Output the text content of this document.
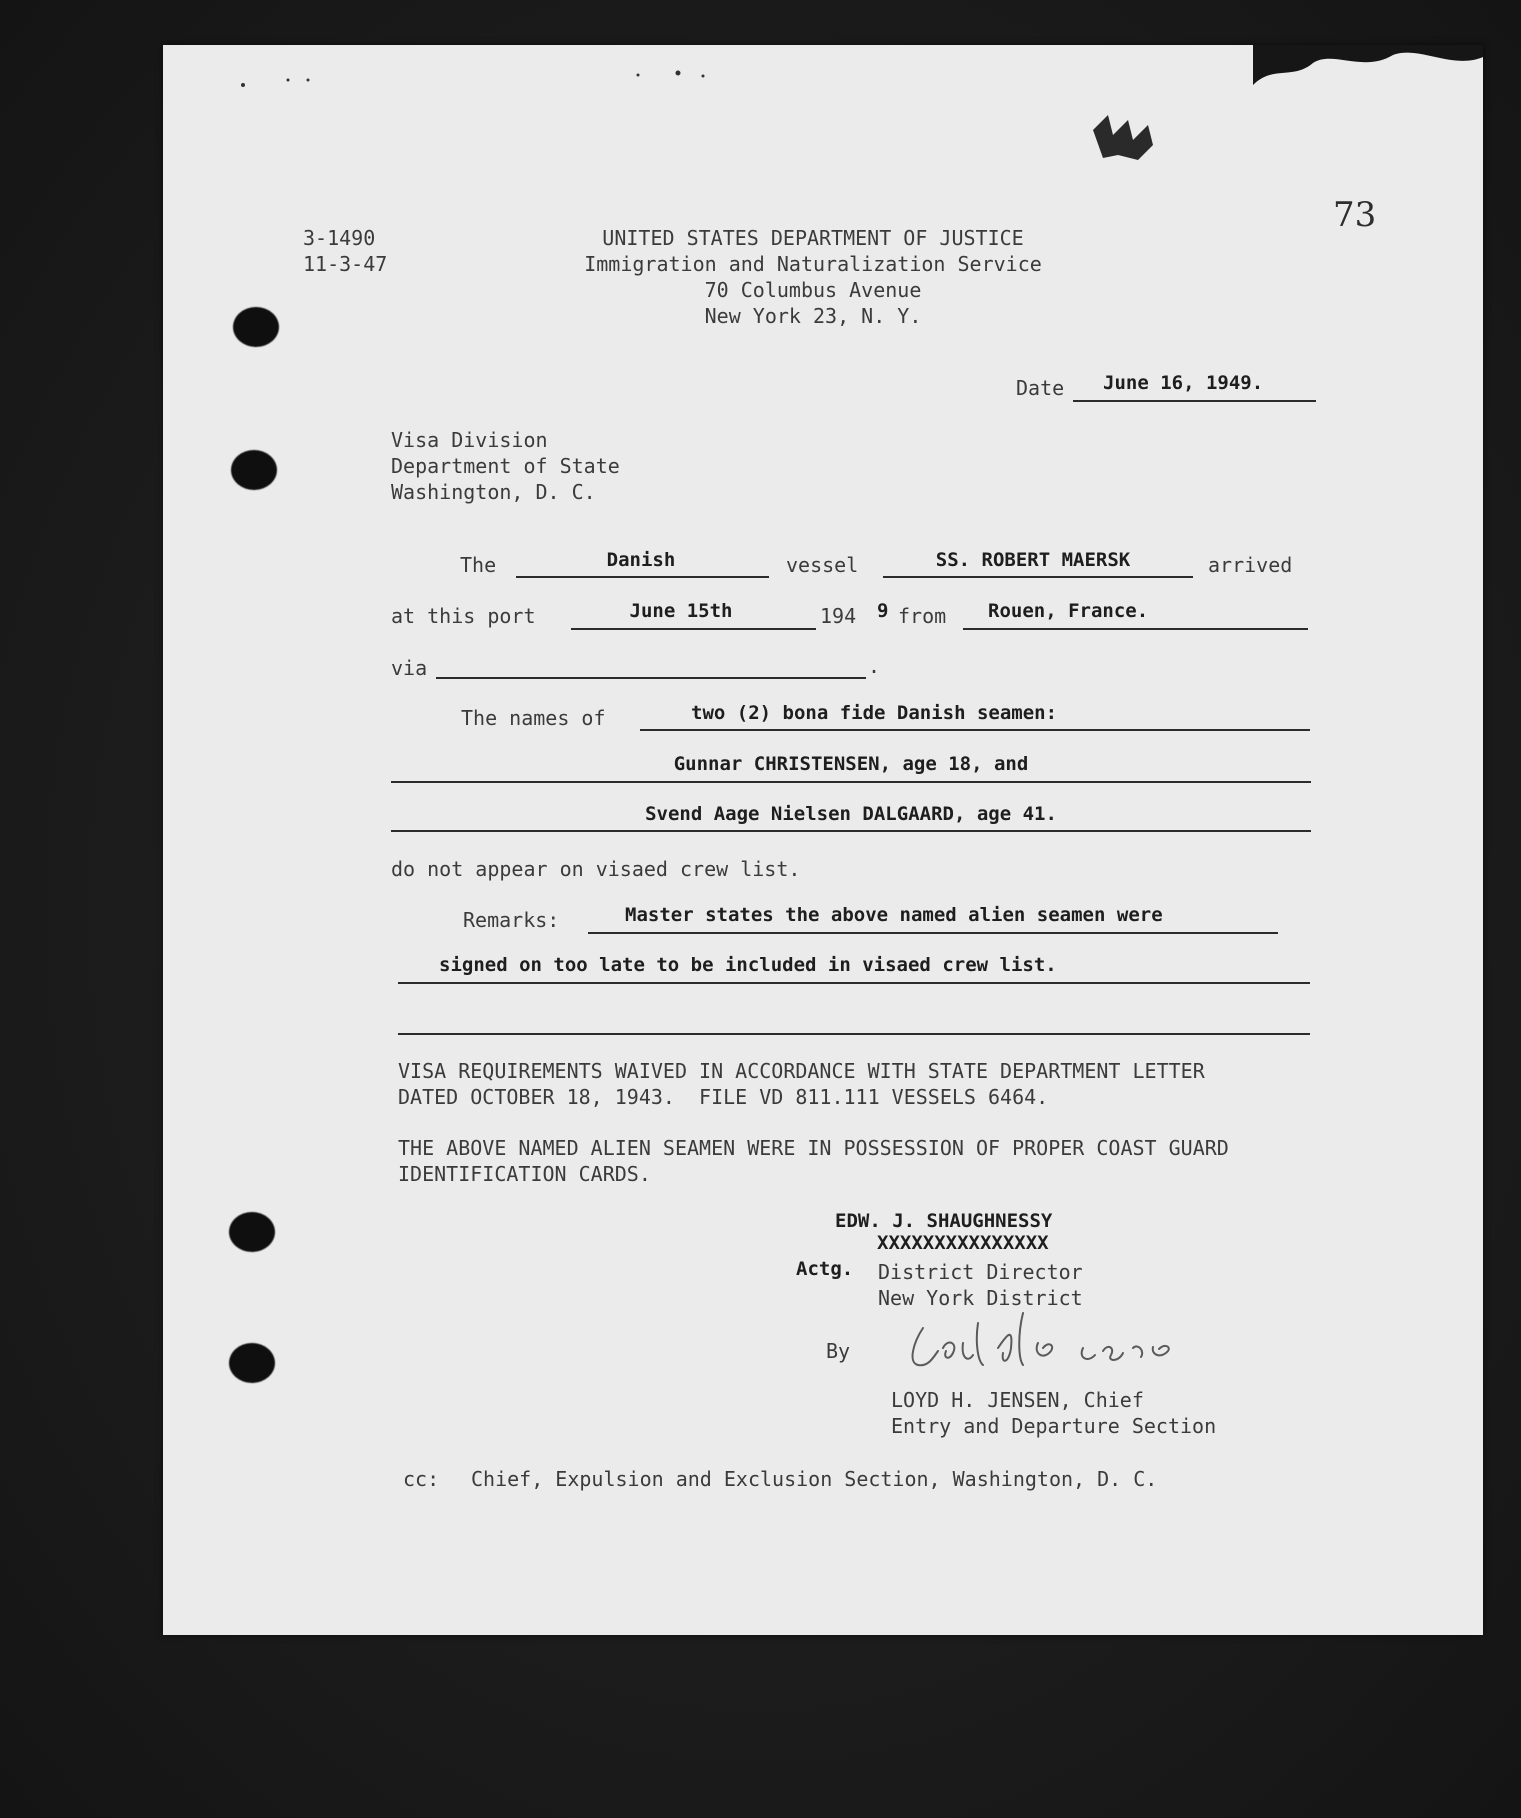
73
3-1490
11-3-47
UNITED STATES DEPARTMENT OF JUSTICE
Immigration and Naturalization Service
70 Columbus Avenue
New York 23, N. Y.
Date June 16, 1949.
Visa Division
Department of State
Washington, D. C.
The	Danish	vessel	SS. ROBERT MAERSK	arrived
at this port	June 15th	194 9 from Rouen, France.
via	.
The names of	two (2) bona fide Danish seamen:
Gunnar CHRISTENSEN, age 18, and
Svend Aage Nielsen DALGAARD, age 41.
do not appear on visaed crew list.
Remarks:	Master states the above named alien seamen were
signed on too late to be included in visaed crew list.
VISA REQUIREMENTS WAIVED IN ACCORDANCE WITH STATE DEPARTMENT LETTER
DATED OCTOBER 18, 1943.  FILE VD 811.111 VESSELS 6464.
THE ABOVE NAMED ALIEN SEAMEN WERE IN POSSESSION OF PROPER COAST GUARD
IDENTIFICATION CARDS.
EDW. J. SHAUGHNESSY
XXXXXXXXXXXXXXX
Actg. District Director
New York District
By
LOYD H. JENSEN, Chief
Entry and Departure Section
cc: Chief, Expulsion and Exclusion Section, Washington, D. C.
